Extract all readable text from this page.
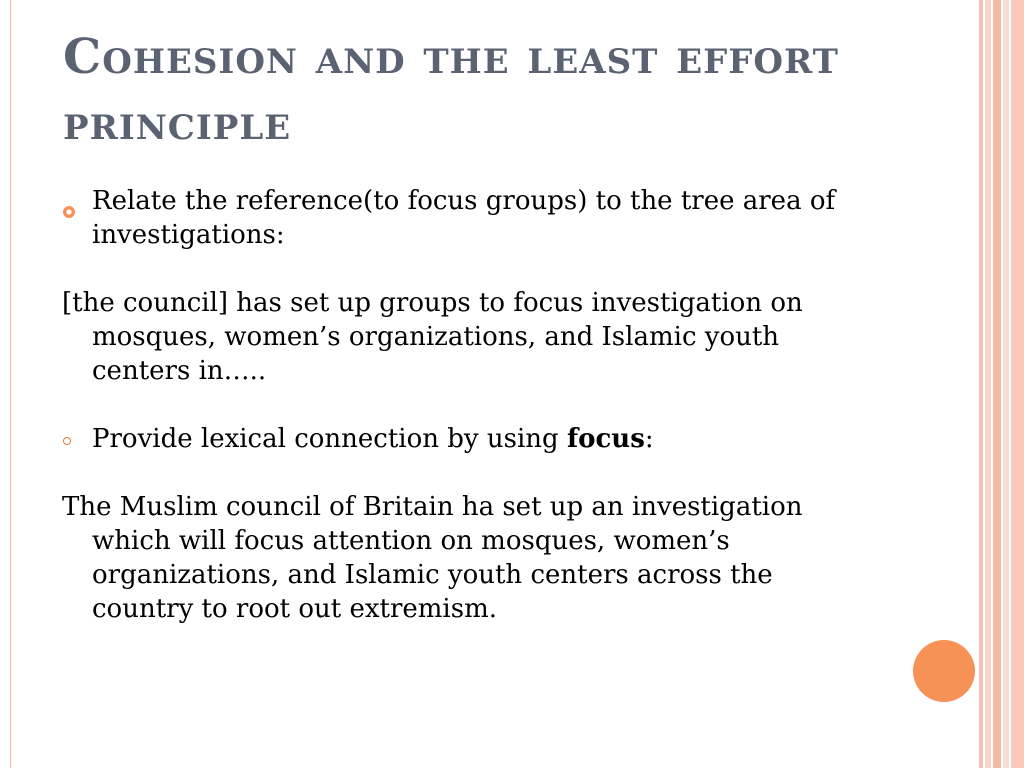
Cohesion and the least effort principle
Relate the reference(to focus groups) to the tree area of investigations:
[the council] has set up groups to focus investigation on mosques, women’s organizations, and Islamic youth centers in…..
Provide lexical connection by using focus:
The Muslim council of Britain ha set up an investigation which will focus attention on mosques, women’s organizations, and Islamic youth centers across the country to root out extremism.
